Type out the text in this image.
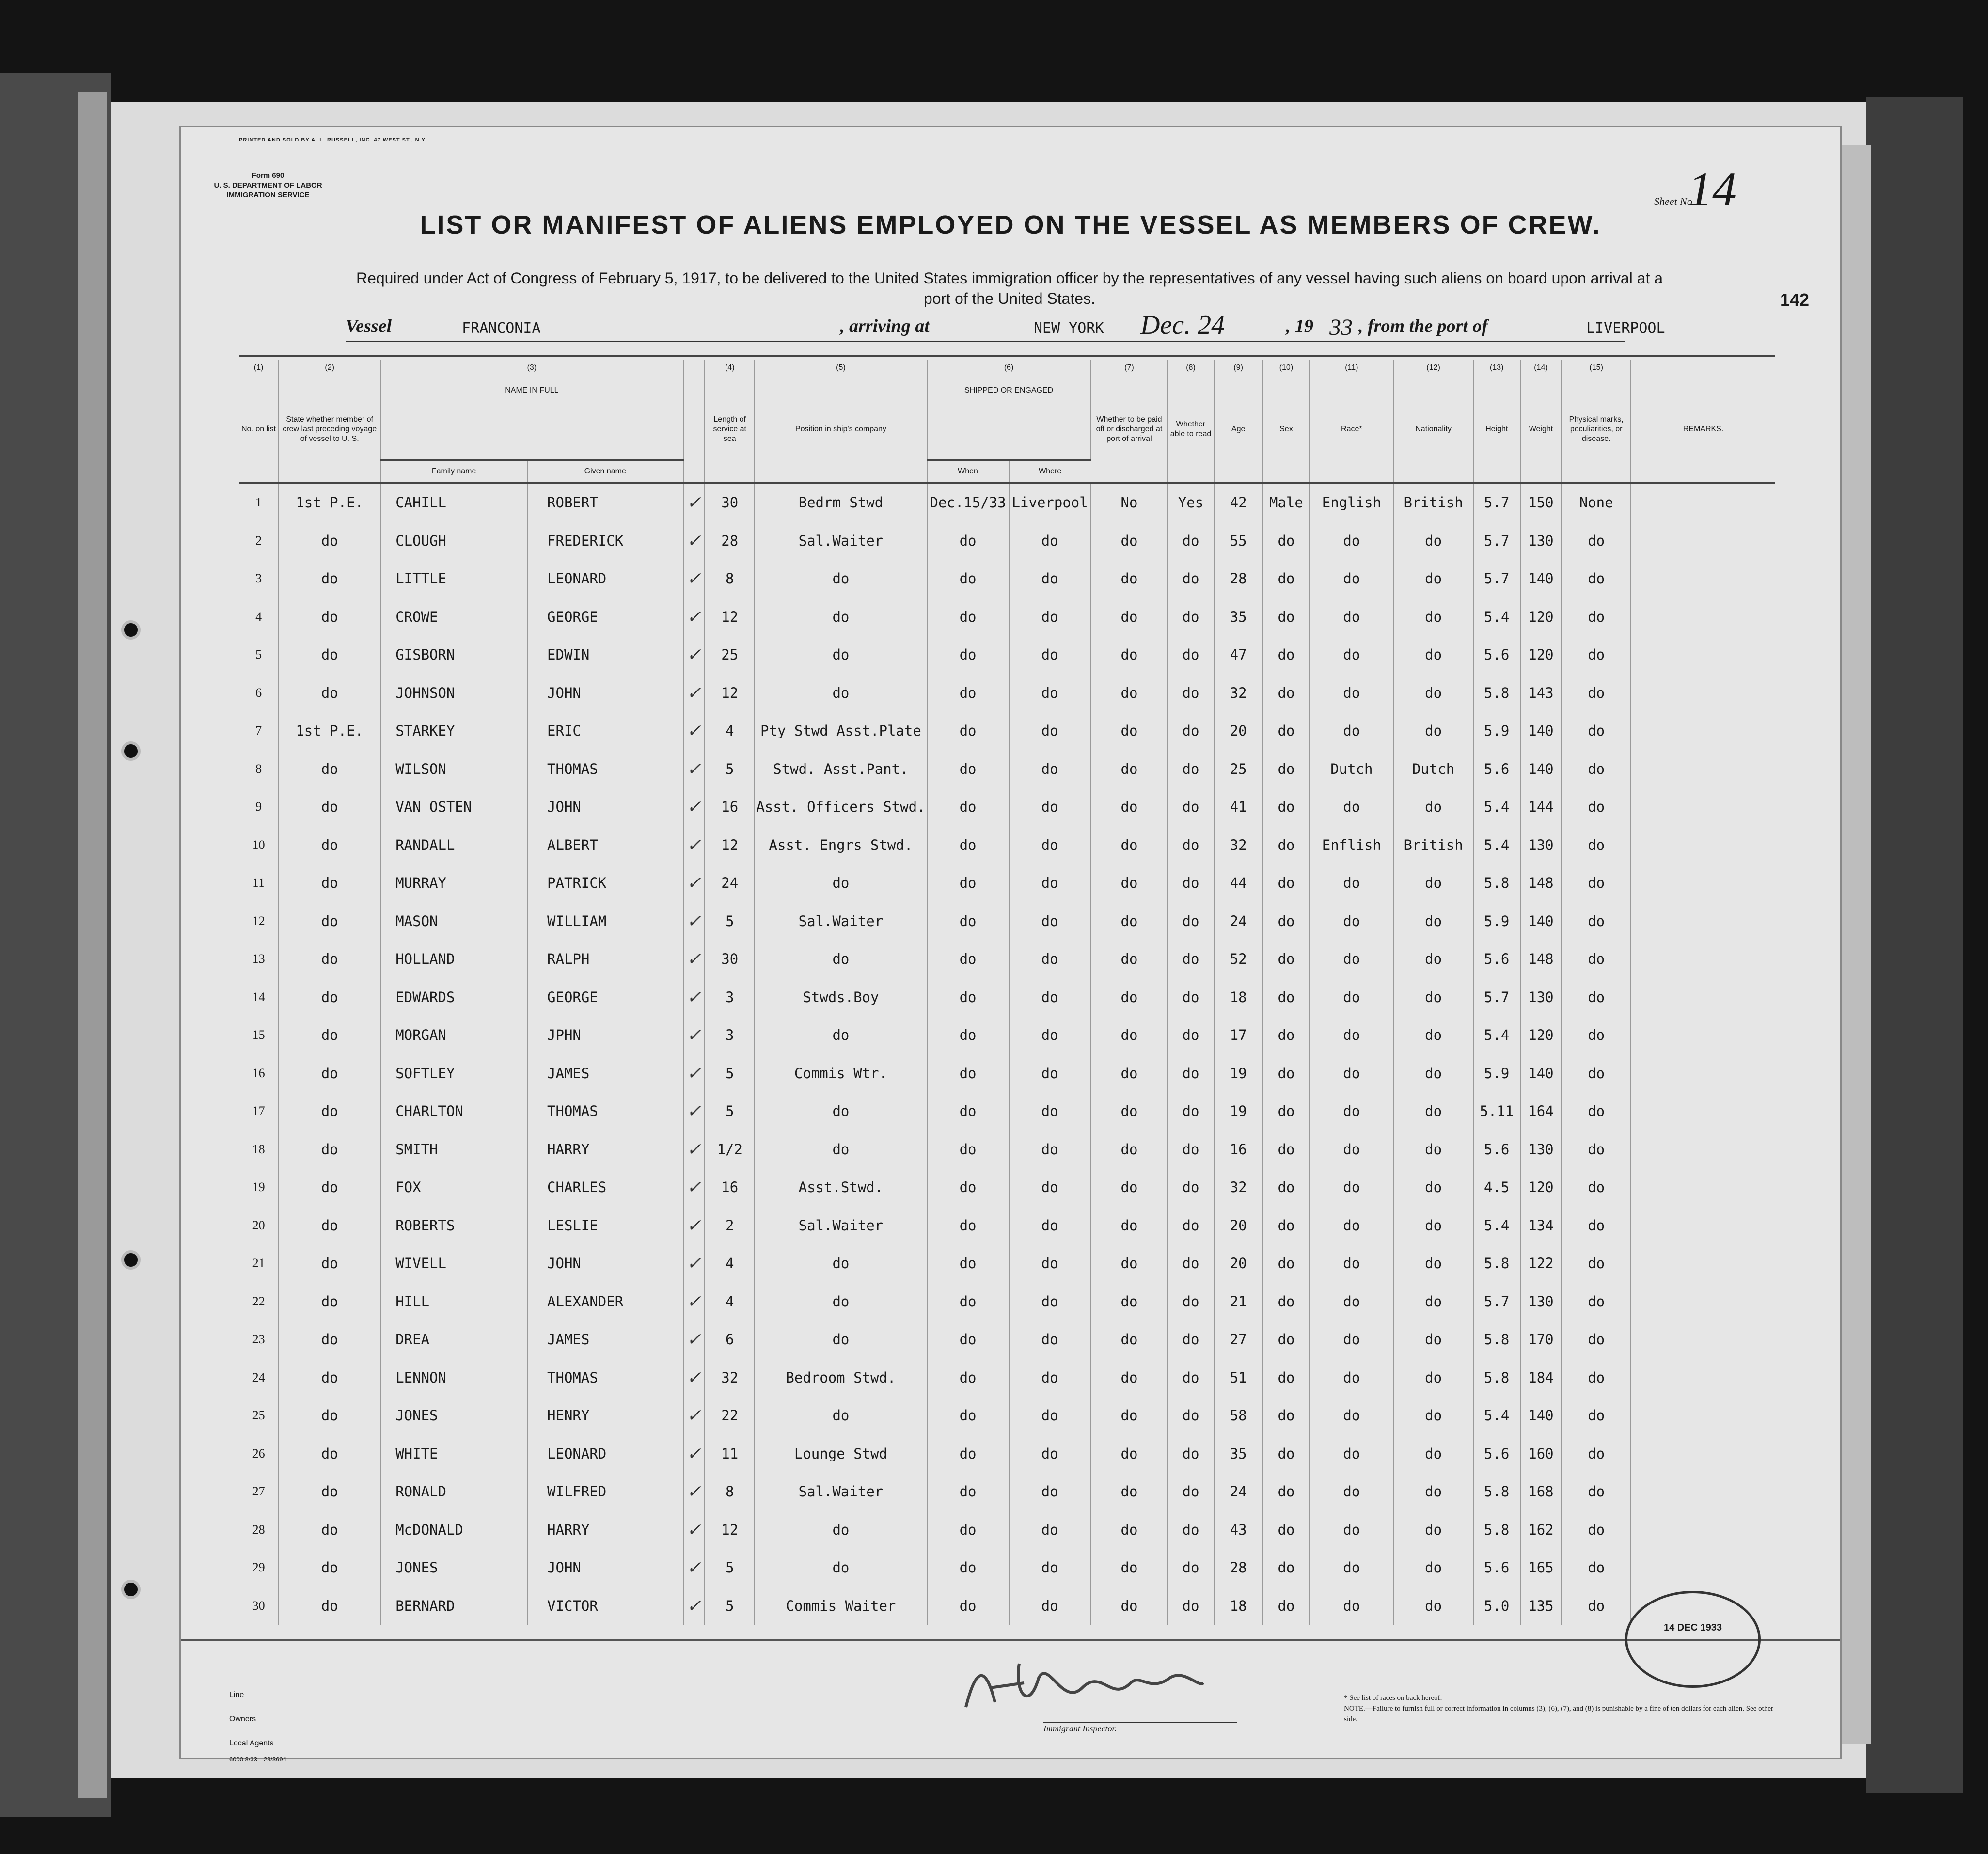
PRINTED AND SOLD BY A. L. RUSSELL, INC. 47 WEST ST., N.Y.
Form 690
U. S. DEPARTMENT OF LABOR
IMMIGRATION SERVICE
Sheet No
14
LIST OR MANIFEST OF ALIENS EMPLOYED ON THE VESSEL AS MEMBERS OF CREW.
Required under Act of Congress of February 5, 1917, to be delivered to the United States immigration officer by the representatives of any vessel having such aliens on board upon arrival at a port of the United States.	142
Vessel	FRANCONIA	, arriving at	NEW YORK Dec. 24	, 19 33 , from the port of	LIVERPOOL
(1)	(2)	(3)			(4)	(5)	(6)		(7)	(8)	(9)	(10)	(11)	(12)	(13)	(14)	(15)	
No. on list	State whether member of crew last preceding voyage of vessel to U. S.	NAME IN FULL			Length of service at sea	Position in ship's company	SHIPPED OR ENGAGED		Whether to be paid off or discharged at port of arrival	Whether able to read	Age	Sex	Race*	Nationality	Height	Weight	Physical marks, peculiarities, or disease.	REMARKS.
		Family name	Given name				When	Where										
1	1st P.E.	CAHILL	ROBERT	✓	30	Bedrm Stwd	Dec.15/33	Liverpool	No	Yes	42	Male	English	British	5.7	150	None	
2	do	CLOUGH	FREDERICK	✓	28	Sal.Waiter	do	do	do	do	55	do	do	do	5.7	130	do	
3	do	LITTLE	LEONARD	✓	8	do	do	do	do	do	28	do	do	do	5.7	140	do	
4	do	CROWE	GEORGE	✓	12	do	do	do	do	do	35	do	do	do	5.4	120	do	
5	do	GISBORN	EDWIN	✓	25	do	do	do	do	do	47	do	do	do	5.6	120	do	
6	do	JOHNSON	JOHN	✓	12	do	do	do	do	do	32	do	do	do	5.8	143	do	
7	1st P.E.	STARKEY	ERIC	✓	4	Pty Stwd Asst.Plate	do	do	do	do	20	do	do	do	5.9	140	do	
8	do	WILSON	THOMAS	✓	5	Stwd. Asst.Pant.	do	do	do	do	25	do	Dutch	Dutch	5.6	140	do	
9	do	VAN OSTEN	JOHN	✓	16	Asst. Officers Stwd.	do	do	do	do	41	do	do	do	5.4	144	do	
10	do	RANDALL	ALBERT	✓	12	Asst. Engrs Stwd.	do	do	do	do	32	do	Enflish	British	5.4	130	do	
11	do	MURRAY	PATRICK	✓	24	do	do	do	do	do	44	do	do	do	5.8	148	do	
12	do	MASON	WILLIAM	✓	5	Sal.Waiter	do	do	do	do	24	do	do	do	5.9	140	do	
13	do	HOLLAND	RALPH	✓	30	do	do	do	do	do	52	do	do	do	5.6	148	do	
14	do	EDWARDS	GEORGE	✓	3	Stwds.Boy	do	do	do	do	18	do	do	do	5.7	130	do	
15	do	MORGAN	JPHN	✓	3	do	do	do	do	do	17	do	do	do	5.4	120	do	
16	do	SOFTLEY	JAMES	✓	5	Commis Wtr.	do	do	do	do	19	do	do	do	5.9	140	do	
17	do	CHARLTON	THOMAS	✓	5	do	do	do	do	do	19	do	do	do	5.11	164	do	
18	do	SMITH	HARRY	✓	1/2	do	do	do	do	do	16	do	do	do	5.6	130	do	
19	do	FOX	CHARLES	✓	16	Asst.Stwd.	do	do	do	do	32	do	do	do	4.5	120	do	
20	do	ROBERTS	LESLIE	✓	2	Sal.Waiter	do	do	do	do	20	do	do	do	5.4	134	do	
21	do	WIVELL	JOHN	✓	4	do	do	do	do	do	20	do	do	do	5.8	122	do	
22	do	HILL	ALEXANDER	✓	4	do	do	do	do	do	21	do	do	do	5.7	130	do	
23	do	DREA	JAMES	✓	6	do	do	do	do	do	27	do	do	do	5.8	170	do	
24	do	LENNON	THOMAS	✓	32	Bedroom Stwd.	do	do	do	do	51	do	do	do	5.8	184	do	
25	do	JONES	HENRY	✓	22	do	do	do	do	do	58	do	do	do	5.4	140	do	
26	do	WHITE	LEONARD	✓	11	Lounge Stwd	do	do	do	do	35	do	do	do	5.6	160	do	
27	do	RONALD	WILFRED	✓	8	Sal.Waiter	do	do	do	do	24	do	do	do	5.8	168	do	
28	do	McDONALD	HARRY	✓	12	do	do	do	do	do	43	do	do	do	5.8	162	do	
29	do	JONES	JOHN	✓	5	do	do	do	do	do	28	do	do	do	5.6	165	do	
30	do	BERNARD	VICTOR	✓	5	Commis Waiter	do	do	do	do	18	do	do	do	5.0	135	do	
Line
Owners
Local Agents
6000 8/33—28/3694
Immigrant Inspector.
* See list of races on back hereof.
NOTE.—Failure to furnish full or correct information in columns (3), (6), (7), and (8) is punishable by a fine of ten dollars for each alien. See other side.
14 DEC 1933
